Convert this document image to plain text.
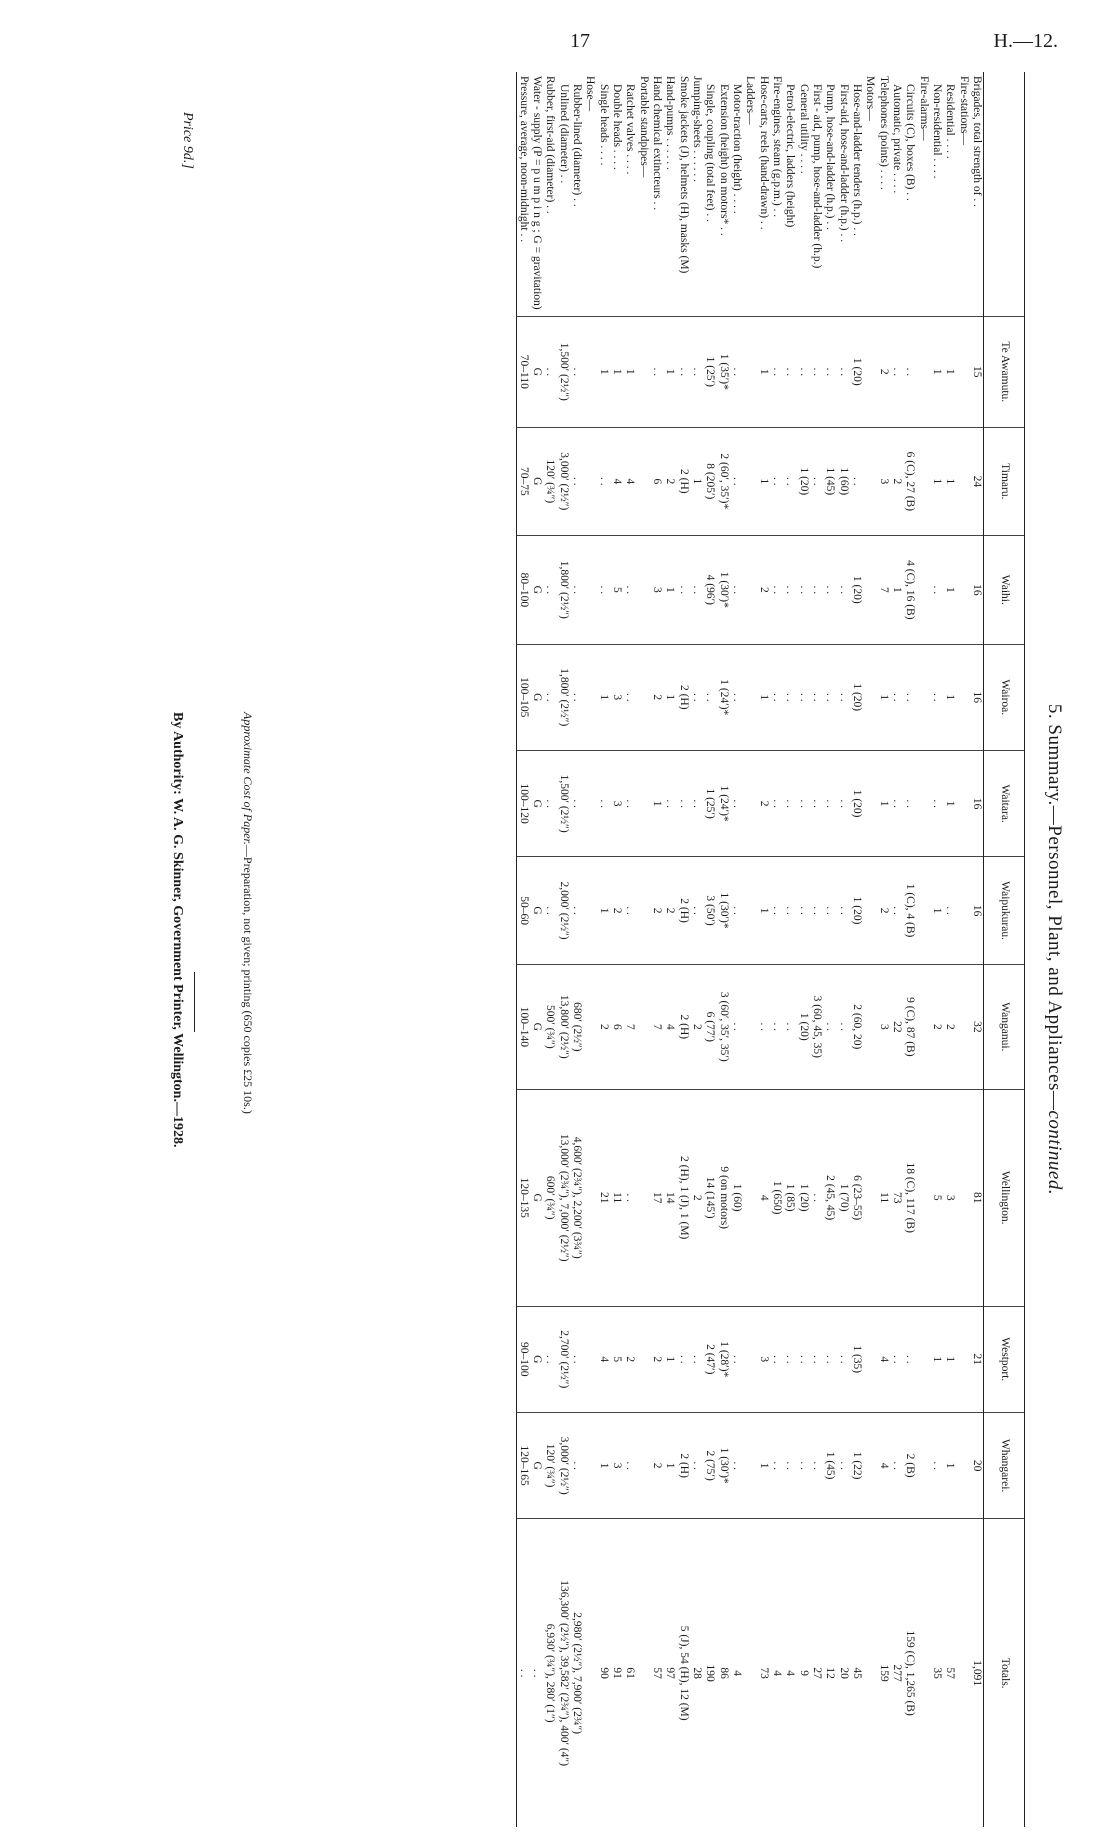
17	H.—12.
5. Summary.—Personnel, Plant, and Appliances—continued.
	Te Awamutu.	Timaru.	Waihi.	Wairoa.	Waitara.	Waipukurau.	Wanganui.	Wellington.	Westport.	Whangarei.	Totals.
Brigades, total strength of . .	15	24	16	16	16	16	32	81	21	20	1,091
Fire-stations—											
Residential . . . .	1	1	1	1	1	. .	2	3	1	1	57
Non-residential . . . .	1	1	. .	. .	. .	1	2	5	1	. .	35
Fire-alarms—											
Circuits (C), boxes (B) . .	. .	6 (C), 27 (B)	4 (C), 16 (B)	. .	. .	1 (C), 4 (B)	9 (C), 87 (B)	18 (C), 117 (B)	. .	2 (B)	159 (C), 1,265 (B)
Automatic, private . . . .	. .	2	1	. .	. .	. .	22	73	. .	. .	277
Telephones (points) . . . .	2	3	7	1	1	2	3	11	4	4	159
Motors—											
Hose-and-ladder tenders (h.p.) . .	1 (20)	. .	1 (20)	1 (20)	1 (20)	1 (20)	2 (60, 20)	6 (23–55)	1 (35)	1 (22)	45
First-aid, hose-and-ladder (h.p.) . .	. .	1 (60)	. .	. .	. .	. .	. .	1 (70)	. .	. .	20
Pump, hose-and-ladder (h.p.) . .	. .	1 (45)	. .	. .	. .	. .	. .	2 (45, 45)	. .	1 (45)	12
First - aid, pump, hose-and-ladder (h.p.)	. .	. .	. .	. .	. .	. .	3 (60, 45, 35)	. .	. .	. .	27
General utility . . . .	. .	1 (20)	. .	. .	. .	. .	1 (20)	1 (20)	. .	. .	9
Petrol-electric, ladders (height)	. .	. .	. .	. .	. .	. .	. .	1 (85)	. .	. .	4
Fire-engines, steam (g.p.m.) . .	. .	. .	. .	. .	. .	. .	. .	1 (650)	. .	. .	4
Hose-carts, reels (hand-drawn) . .	1	1	2	1	2	1	. .	4	3	1	73
Ladders—											
Motor-traction (height) . . . .	. .	. .	. .	. .	. .	. .	. .	1 (60)	. .	. .	4
Extension (height) on motors* . .	1 (35′)*	2 (60′, 35′)*	1 (30′)*	1 (24′)*	1 (24′)*	1 (30′)*	3 (60′, 35′, 35′)	9 (on motors)	1 (28′)*	1 (30′)*	86
Single, coupling (total feet) . .	1 (25′)	8 (205′)	4 (96′)	. .	1 (25′)	3 (50′)	6 (77′)	14 (145′)	2 (47′)	2 (75′)	190
Jumping-sheets . . . . . .	. .	1	. .	. .	. .	. .	2	2	. .	. .	28
Smoke jackets (J), helmets (H), masks (M)	. .	2 (H)	. .	2 (H)	. .	2 (H)	2 (H)	2 (H), 1 (J), 1 (M)	. .	2 (H)	5 (J), 54 (H), 12 (M)
Hand-pumps . . . . . .	1	2	1	1	. .	2	4	14	1	1	97
Hand chemical extincteurs . .	. .	6	3	2	1	2	7	17	2	2	57
Portable standpipes—											
Ratchet valves . . . .	1	4	. .	. .	. .	. .	7	. .	2	. .	61
Double heads . . . .	1	4	5	3	3	2	6	11	5	3	91
Single heads . . . .	1	. .	. .	1	. .	1	2	21	4	1	90
Hose—											
Rubber-lined (diameter) . .	. .	. .	. .	. .	. .	. .	680′ (2½″)	4,600′ (2¾″), 2,200′ (3¾″)	. .	. .	2,980′ (2½″), 7,900′ (2¾″)
Unlined (diameter) . .	1,500′ (2½″)	3,000′ (2½″)	1,800′ (2½″)	1,800′ (2½″)	1,500′ (2½″)	2,000′ (2½″)	13,800′ (2½″)	13,000′ (2¾″), 7,000′ (2½″)	2,700′ (2½″)	3,000′ (2½″)	136,300′ (2½″), 39,582′ (2¾″), 400′ (4″)
Rubber, first-aid (diameter) . .	. .	120′ (¾″)	. .	. .	. .	. .	500′ (¾″)	600′ (¾″)	. .	120′ (¾″)	6,930′ (¾″), 280′ (1″)
Water - supply (P = p u m p i n g ; G = gravitation)	G	G	G	G	G	G	G	G	G	G	. .
Pressure, average, noon-midnight . .	70–110	70–75	80–100	100–105	100–120	50–60	100–140	120–135	90–100	120–165	. .
Price 9d.]
Approximate Cost of Paper.—Preparation, not given; printing (650 copies £25 10s.)
By Authority: W. A. G. Skinner, Government Printer, Wellington.—1928.
